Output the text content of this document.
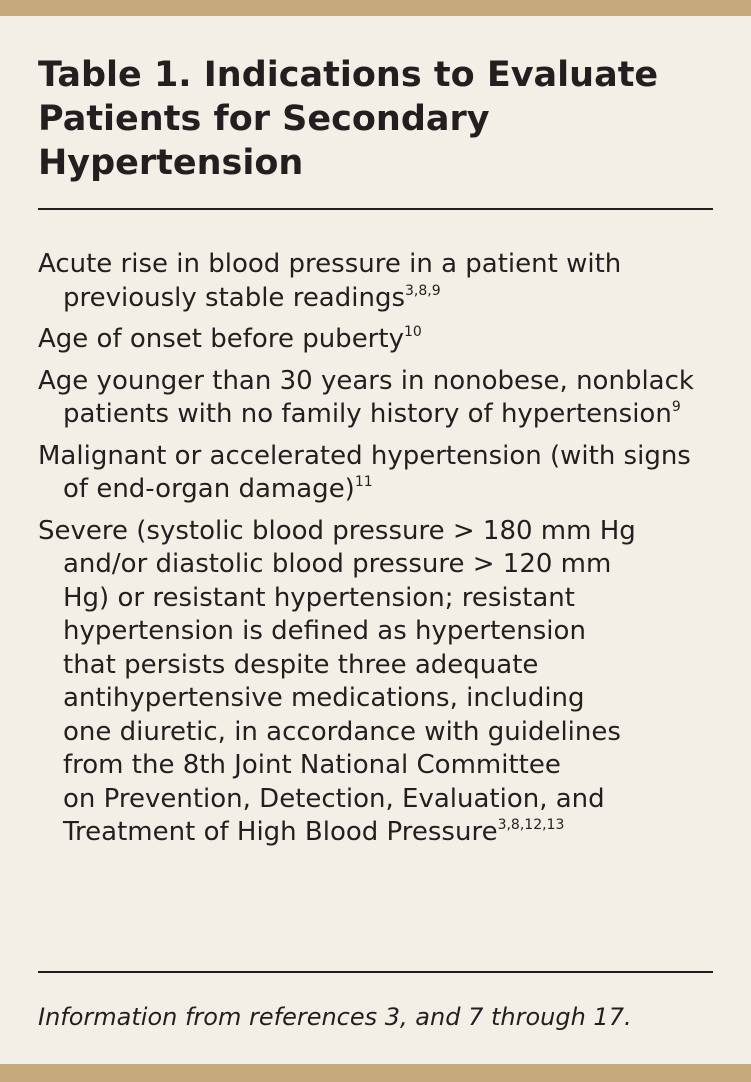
Table 1. Indications to Evaluate
Patients for Secondary
Hypertension
Acute rise in blood pressure in a patient with
previously stable readings$^{3,8,9}$
Age of onset before puberty$^{10}$
Age younger than 30 years in nonobese, nonblack
patients with no family history of hypertension$^9$
Malignant or accelerated hypertension (with signs
of end-organ damage)$^{11}$
Severe (systolic blood pressure > 180 mm Hg
and/or diastolic blood pressure > 120 mm
Hg) or resistant hypertension; resistant
hypertension is defined as hypertension
that persists despite three adequate
antihypertensive medications, including
one diuretic, in accordance with guidelines
from the 8th Joint National Committee
on Prevention, Detection, Evaluation, and
Treatment of High Blood Pressure$^{3,8,12,13}$

Information from references 3, and 7 through 17.
